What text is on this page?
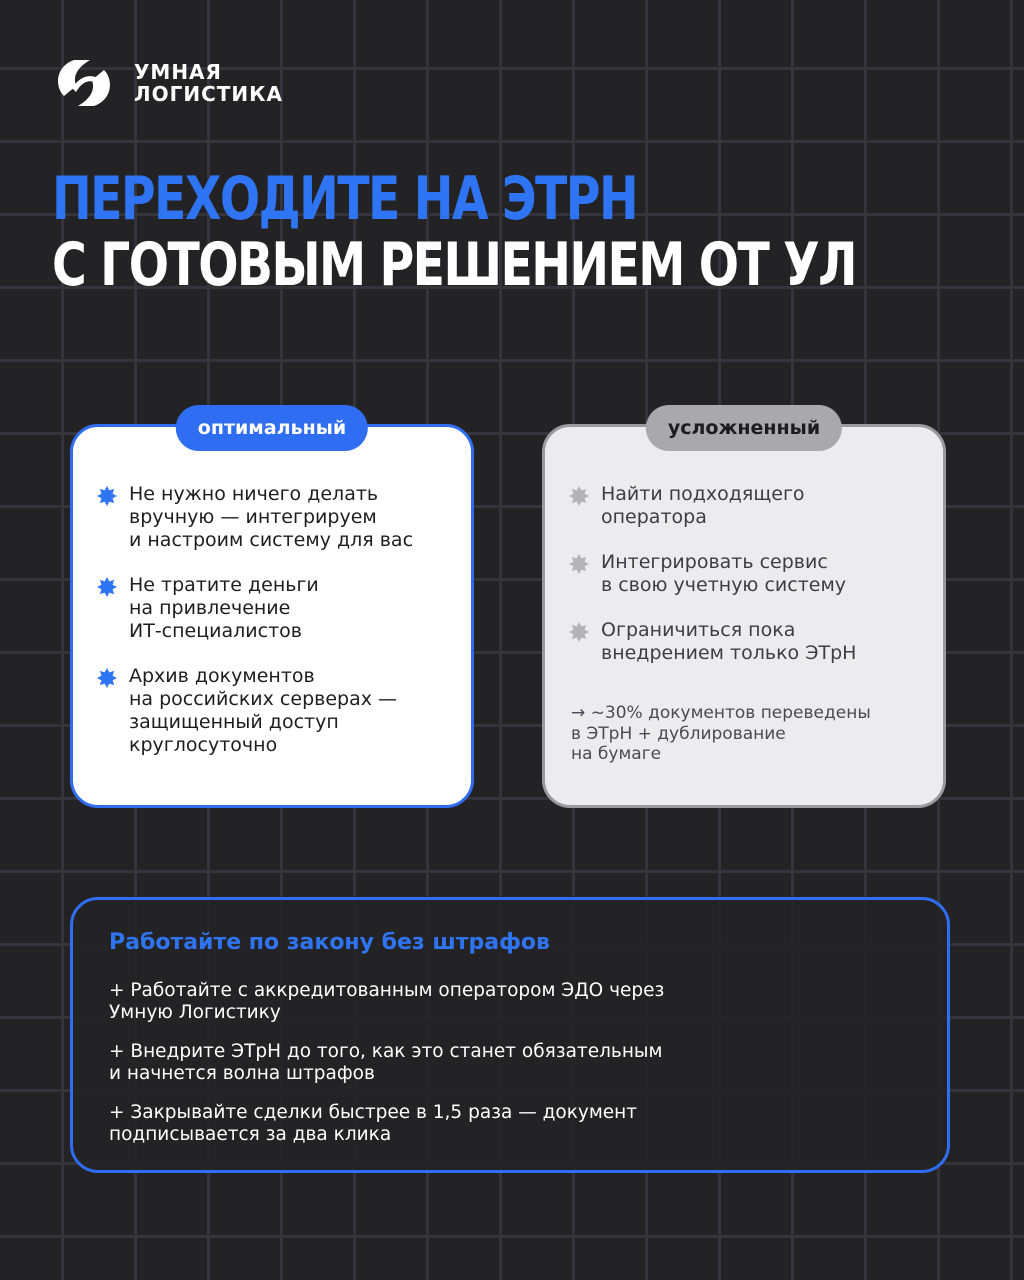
УМНАЯ
ЛОГИСТИКА
ПЕРЕХОДИТЕ НА ЭТРН
С ГОТОВЫМ РЕШЕНИЕМ ОТ УЛ
оптимальный
Не нужно ничего делать
вручную — интегрируем
и настроим систему для вас
Не тратите деньги
на привлечение
ИТ-специалистов
Архив документов
на российских серверах —
защищенный доступ
круглосуточно
усложненный
Найти подходящего
оператора
Интегрировать сервис
в свою учетную систему
Ограничиться пока
внедрением только ЭТрН
→ ~30% документов переведены
в ЭТрН + дублирование
на бумаге
Работайте по закону без штрафов
+ Работайте с аккредитованным оператором ЭДО через
Умную Логистику
+ Внедрите ЭТрН до того, как это станет обязательным
и начнется волна штрафов
+ Закрывайте сделки быстрее в 1,5 раза — документ
подписывается за два клика
